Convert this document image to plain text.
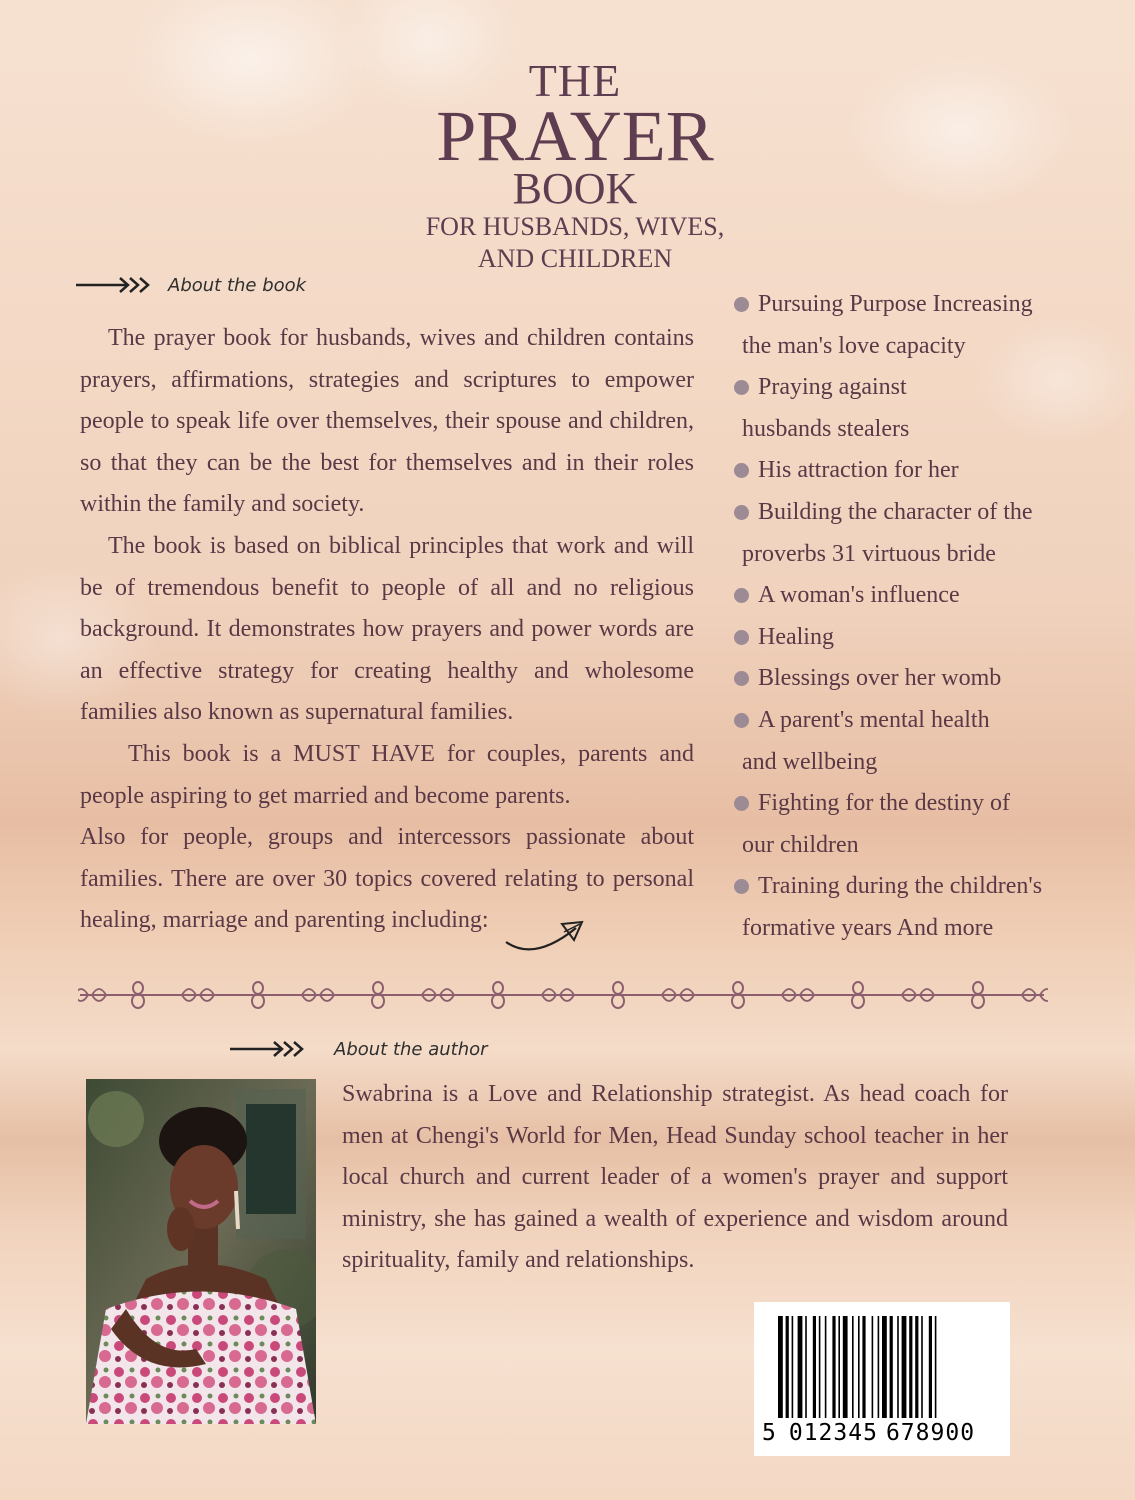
THE
PRAYER
BOOK
FOR HUSBANDS, WIVES,
AND CHILDREN
About the book

The prayer book for husbands, wives and children contains prayers, affirmations, strategies and scriptures to empower people to speak life over themselves, their spouse and children, so that they can be the best for themselves and in their roles within the family and society.

The book is based on biblical principles that work and will be of tremendous benefit to people of all and no religious background. It demonstrates how prayers and power words are an effective strategy for creating healthy and wholesome families also known as supernatural families.

This book is a MUST HAVE for couples, parents and people aspiring to get married and become parents.

Also for people, groups and intercessors passionate about families. There are over 30 topics covered relating to personal healing, marriage and parenting including:

Pursuing Purpose Increasing
the man's love capacity
Praying against
husbands stealers
His attraction for her
Building the character of the
proverbs 31 virtuous bride
A woman's influence
Healing
Blessings over her womb
A parent's mental health
and wellbeing
Fighting for the destiny of
our children
Training during the children's
formative years And more
About the author

Swabrina is a Love and Relationship strategist. As head coach for men at Chengi's World for Men, Head Sunday school teacher in her local church and current leader of a women's prayer and support ministry, she has gained a wealth of experience and wisdom around spirituality, family and relationships.

5 012345 678900
